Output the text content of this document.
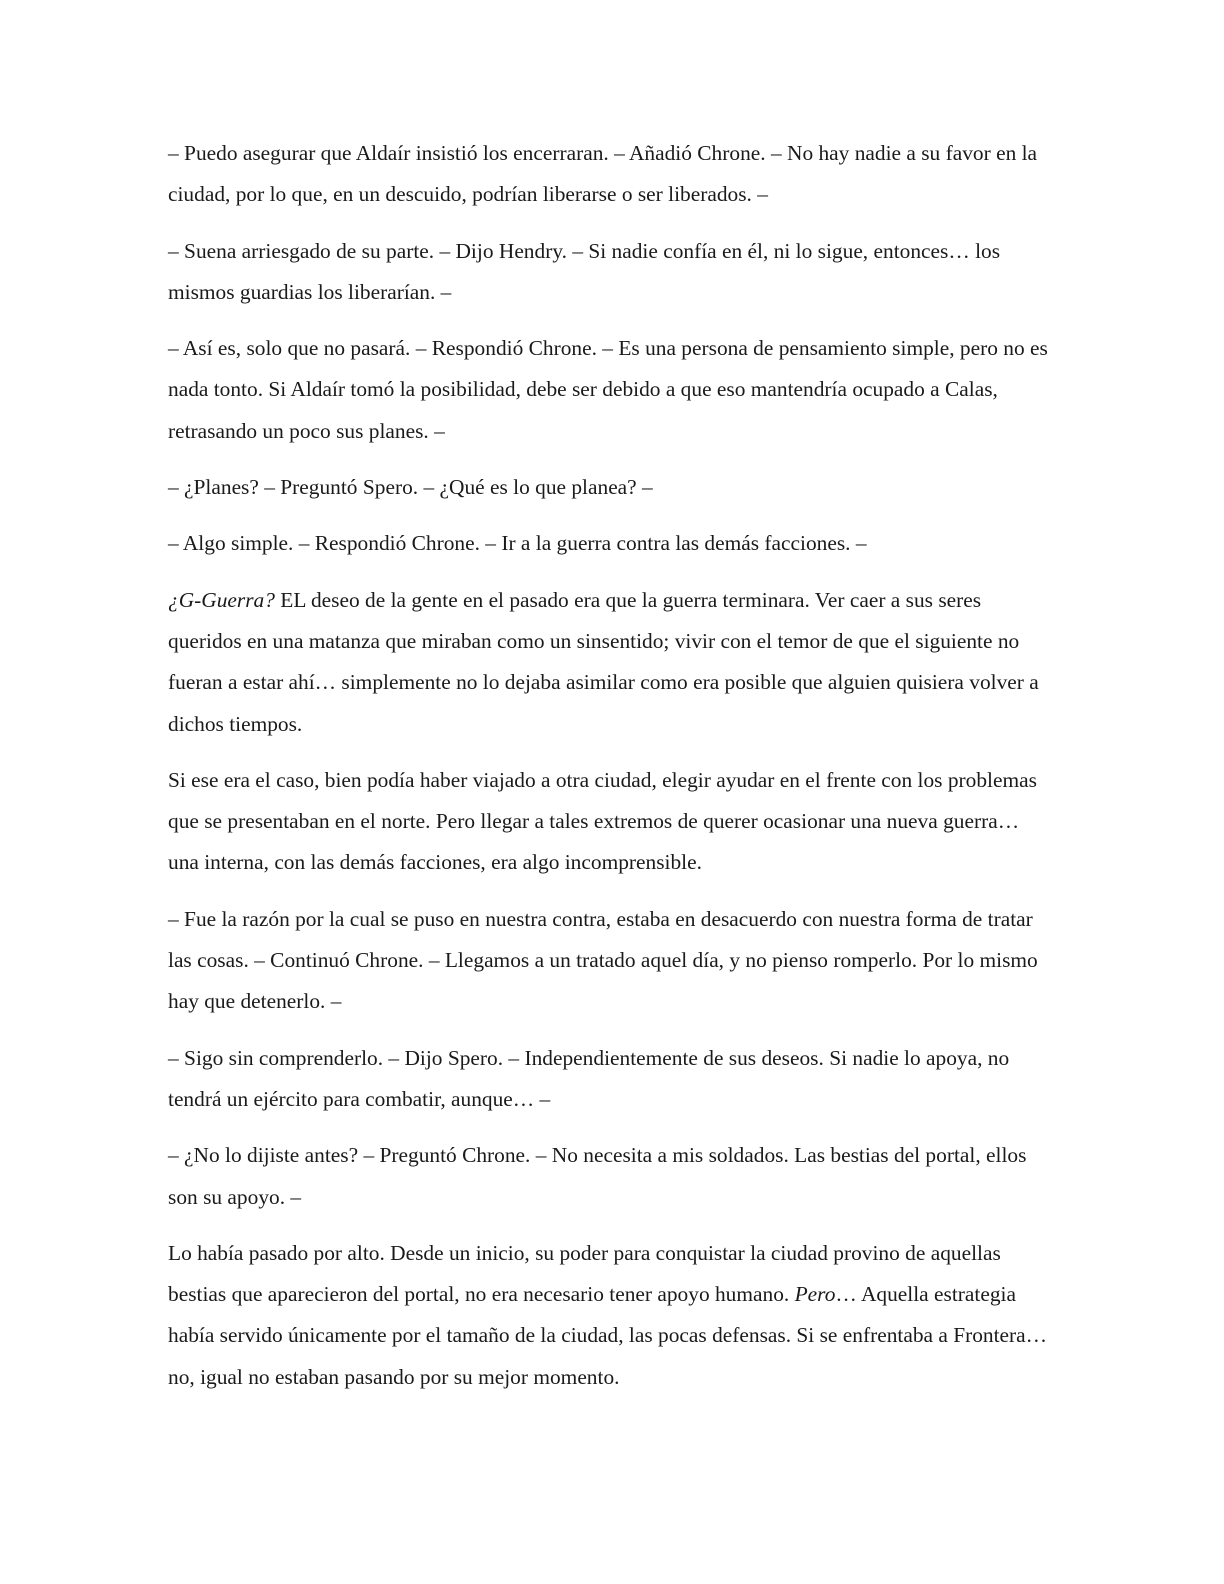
– Puedo asegurar que Aldaír insistió los encerraran. – Añadió Chrone. – No hay nadie a su favor en la ciudad, por lo que, en un descuido, podrían liberarse o ser liberados. –

– Suena arriesgado de su parte. – Dijo Hendry. – Si nadie confía en él, ni lo sigue, entonces… los mismos guardias los liberarían. –

– Así es, solo que no pasará. – Respondió Chrone. – Es una persona de pensamiento simple, pero no es nada tonto. Si Aldaír tomó la posibilidad, debe ser debido a que eso mantendría ocupado a Calas, retrasando un poco sus planes. –

– ¿Planes? – Preguntó Spero. – ¿Qué es lo que planea? –

– Algo simple. – Respondió Chrone. – Ir a la guerra contra las demás facciones. –

¿G-Guerra? EL deseo de la gente en el pasado era que la guerra terminara. Ver caer a sus seres queridos en una matanza que miraban como un sinsentido; vivir con el temor de que el siguiente no fueran a estar ahí… simplemente no lo dejaba asimilar como era posible que alguien quisiera volver a dichos tiempos.

Si ese era el caso, bien podía haber viajado a otra ciudad, elegir ayudar en el frente con los problemas que se presentaban en el norte. Pero llegar a tales extremos de querer ocasionar una nueva guerra… una interna, con las demás facciones, era algo incomprensible.

– Fue la razón por la cual se puso en nuestra contra, estaba en desacuerdo con nuestra forma de tratar las cosas. – Continuó Chrone. – Llegamos a un tratado aquel día, y no pienso romperlo. Por lo mismo hay que detenerlo. –

– Sigo sin comprenderlo. – Dijo Spero. – Independientemente de sus deseos. Si nadie lo apoya, no tendrá un ejército para combatir, aunque… –

– ¿No lo dijiste antes? – Preguntó Chrone. – No necesita a mis soldados. Las bestias del portal, ellos son su apoyo. –

Lo había pasado por alto. Desde un inicio, su poder para conquistar la ciudad provino de aquellas bestias que aparecieron del portal, no era necesario tener apoyo humano. Pero… Aquella estrategia había servido únicamente por el tamaño de la ciudad, las pocas defensas. Si se enfrentaba a Frontera… no, igual no estaban pasando por su mejor momento.
